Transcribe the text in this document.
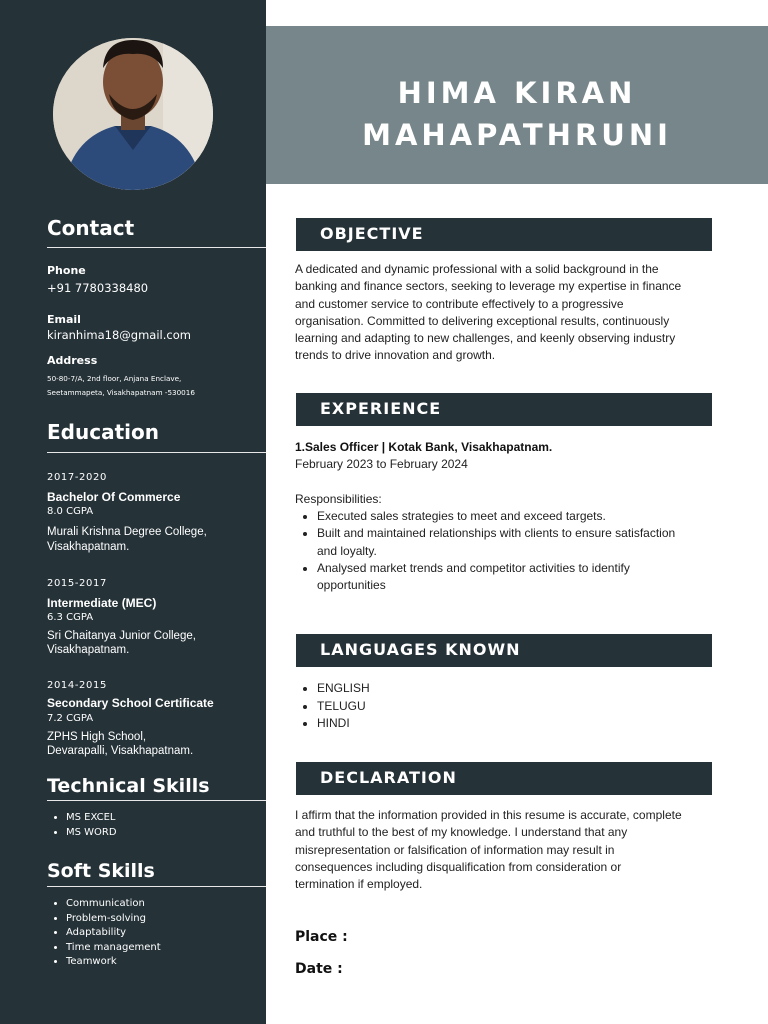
Contact
Phone
+91 7780338480
Email
kiranhima18@gmail.com
Address
50-80-7/A, 2nd floor, Anjana Enclave,
Seetammapeta, Visakhapatnam -530016
Education
2017-2020
Bachelor Of Commerce
8.0 CGPA
Murali Krishna Degree College,
Visakhapatnam.
2015-2017
Intermediate (MEC)
6.3 CGPA
Sri Chaitanya Junior College,
Visakhapatnam.
2014-2015
Secondary School Certificate
7.2 CGPA
ZPHS High School,
Devarapalli, Visakhapatnam.
Technical Skills
• MS EXCEL
• MS WORD
Soft Skills
• Communication
• Problem-solving
• Adaptability
• Time management
• Teamwork
HIMA KIRAN
MAHAPATHRUNI
OBJECTIVE
A dedicated and dynamic professional with a solid background in the
banking and finance sectors, seeking to leverage my expertise in finance
and customer service to contribute effectively to a progressive
organisation. Committed to delivering exceptional results, continuously
learning and adapting to new challenges, and keenly observing industry
trends to drive innovation and growth.
EXPERIENCE
1.Sales Officer | Kotak Bank, Visakhapatnam.
February 2023 to February 2024
Responsibilities:
• Executed sales strategies to meet and exceed targets.
• Built and maintained relationships with clients to ensure satisfaction
and loyalty.
• Analysed market trends and competitor activities to identify
opportunities
LANGUAGES KNOWN
• ENGLISH
• TELUGU
• HINDI
DECLARATION
I affirm that the information provided in this resume is accurate, complete
and truthful to the best of my knowledge. I understand that any
misrepresentation or falsification of information may result in
consequences including disqualification from consideration or
termination if employed.
Place :
Date :
